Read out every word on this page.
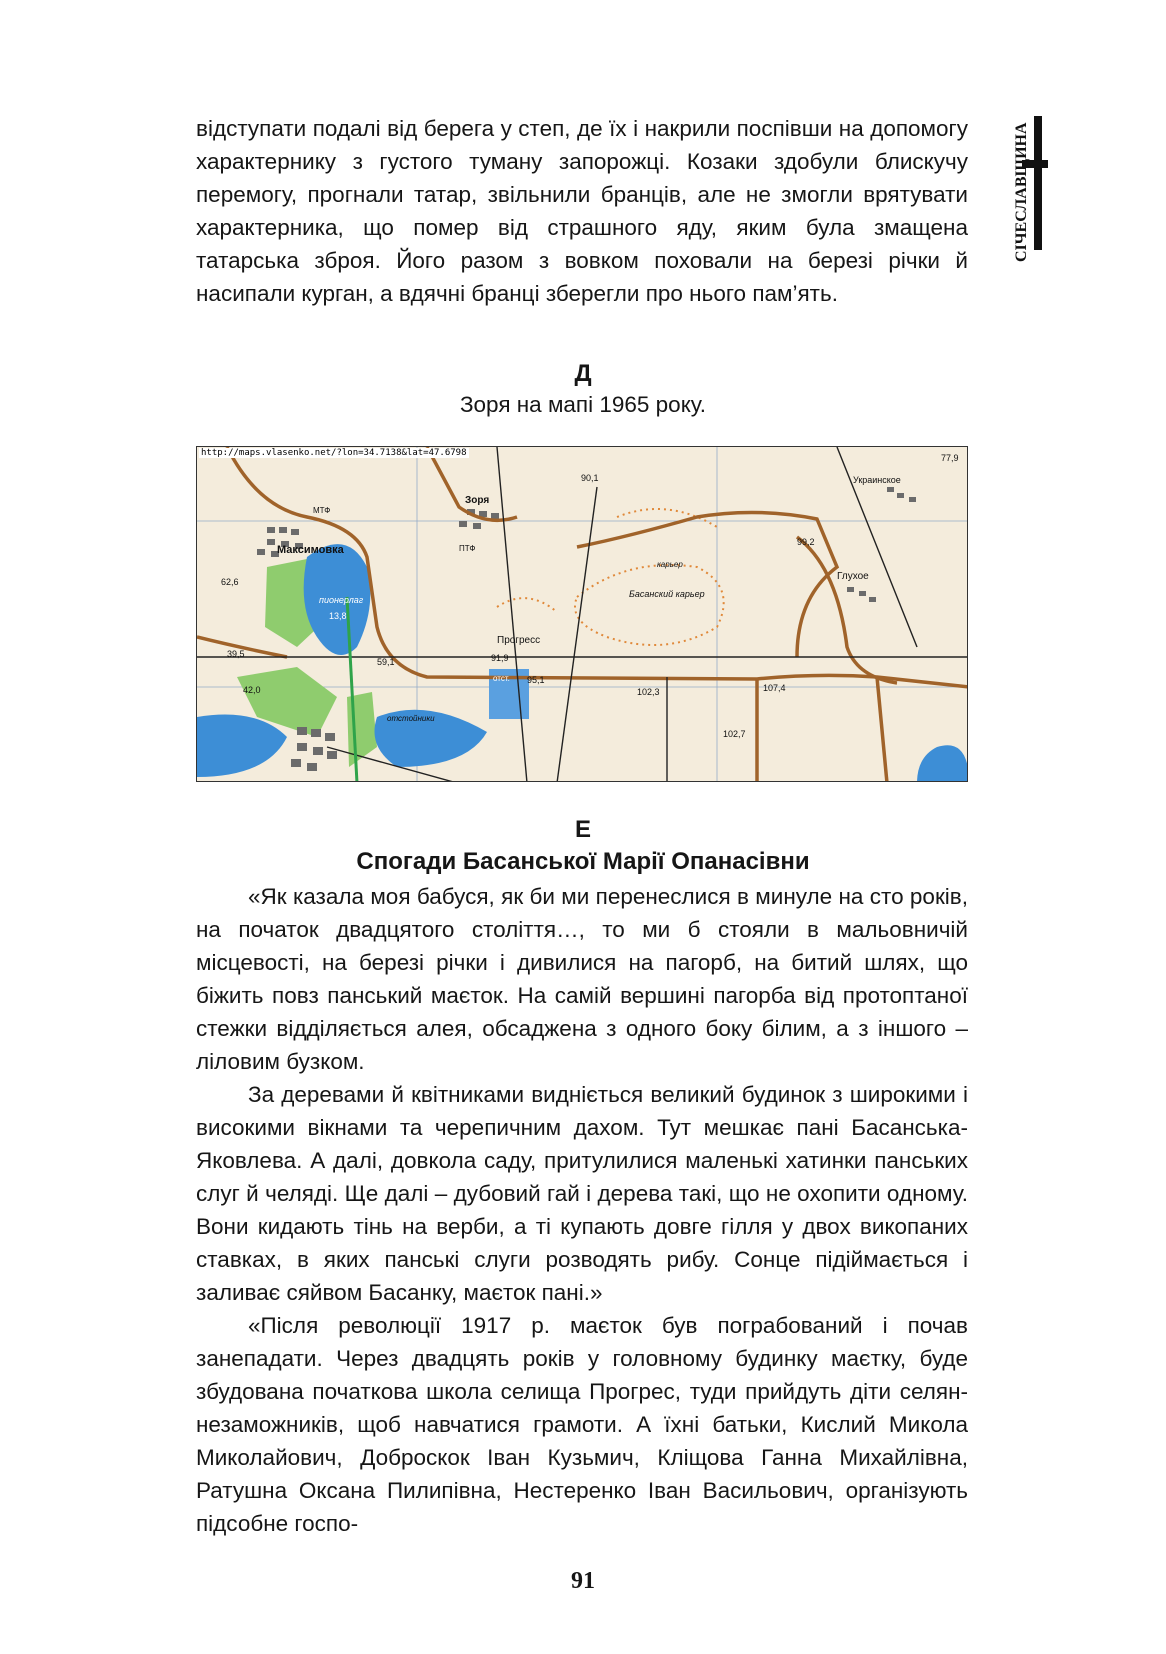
СІЧЕСЛАВЩИНА

відступати подалі від берега у степ, де їх і накрили поспівши на допомогу характернику з густого туману запорожці. Козаки здобули блискучу перемогу, прогнали татар, звільнили бранців, але не змогли врятувати характерника, що помер від страшного яду, яким була змащена татарська зброя. Його разом з вовком поховали на березі річки й насипали курган, а вдячні бранці зберегли про нього пам’ять.

Д
Зоря на мапі 1965 року.
Максимовка
Зоря
Прогресс
Украинское
Глухое
Басанский карьер
пионерлаг
МТФ
ПТФ
отст.
отстойники
карьер
62,6
39,5
42,0
90,1
99,2
91,9
95,1
107,4
102,7
77,9
102,3
13,8
59,1
http://maps.vlasenko.net/?lon=34.7138&lat=47.6798
Е
Спогади Басанської Марії Опанасівни

«Як казала моя бабуся, як би ми перенеслися в минуле на сто років, на початок двадцятого століття…, то ми б стояли в мальовничій місцевості, на березі річки і дивилися на пагорб, на битий шлях, що біжить повз панський маєток. На самій вершині пагорба від протоптаної стежки відділяється алея, обсаджена з одного боку білим, а з іншого – ліловим бузком.

За деревами й квітниками видніється великий будинок з широкими і високими вікнами та черепичним дахом. Тут мешкає пані Басанська-Яковлева. А далі, довкола саду, притулилися маленькі хатинки панських слуг й челяді. Ще далі – дубовий гай і дерева такі, що не охопити одному. Вони кидають тінь на верби, а ті купають довге гілля у двох викопаних ставках, в яких панські слуги розводять рибу. Сонце підіймається і заливає сяйвом Басанку, маєток пані.»

«Після революції 1917 р. маєток був пограбований і почав занепадати. Через двадцять років у головному будинку маєтку, буде збудована початкова школа селища Прогрес, туди прийдуть діти селян-незаможників, щоб навчатися грамоти. А їхні батьки, Кислий Микола Миколайович, Доброскок Іван Кузьмич, Кліщова Ганна Михайлівна, Ратушна Оксана Пилипівна, Нестеренко Іван Васильович, організують підсобне госпо-

91
